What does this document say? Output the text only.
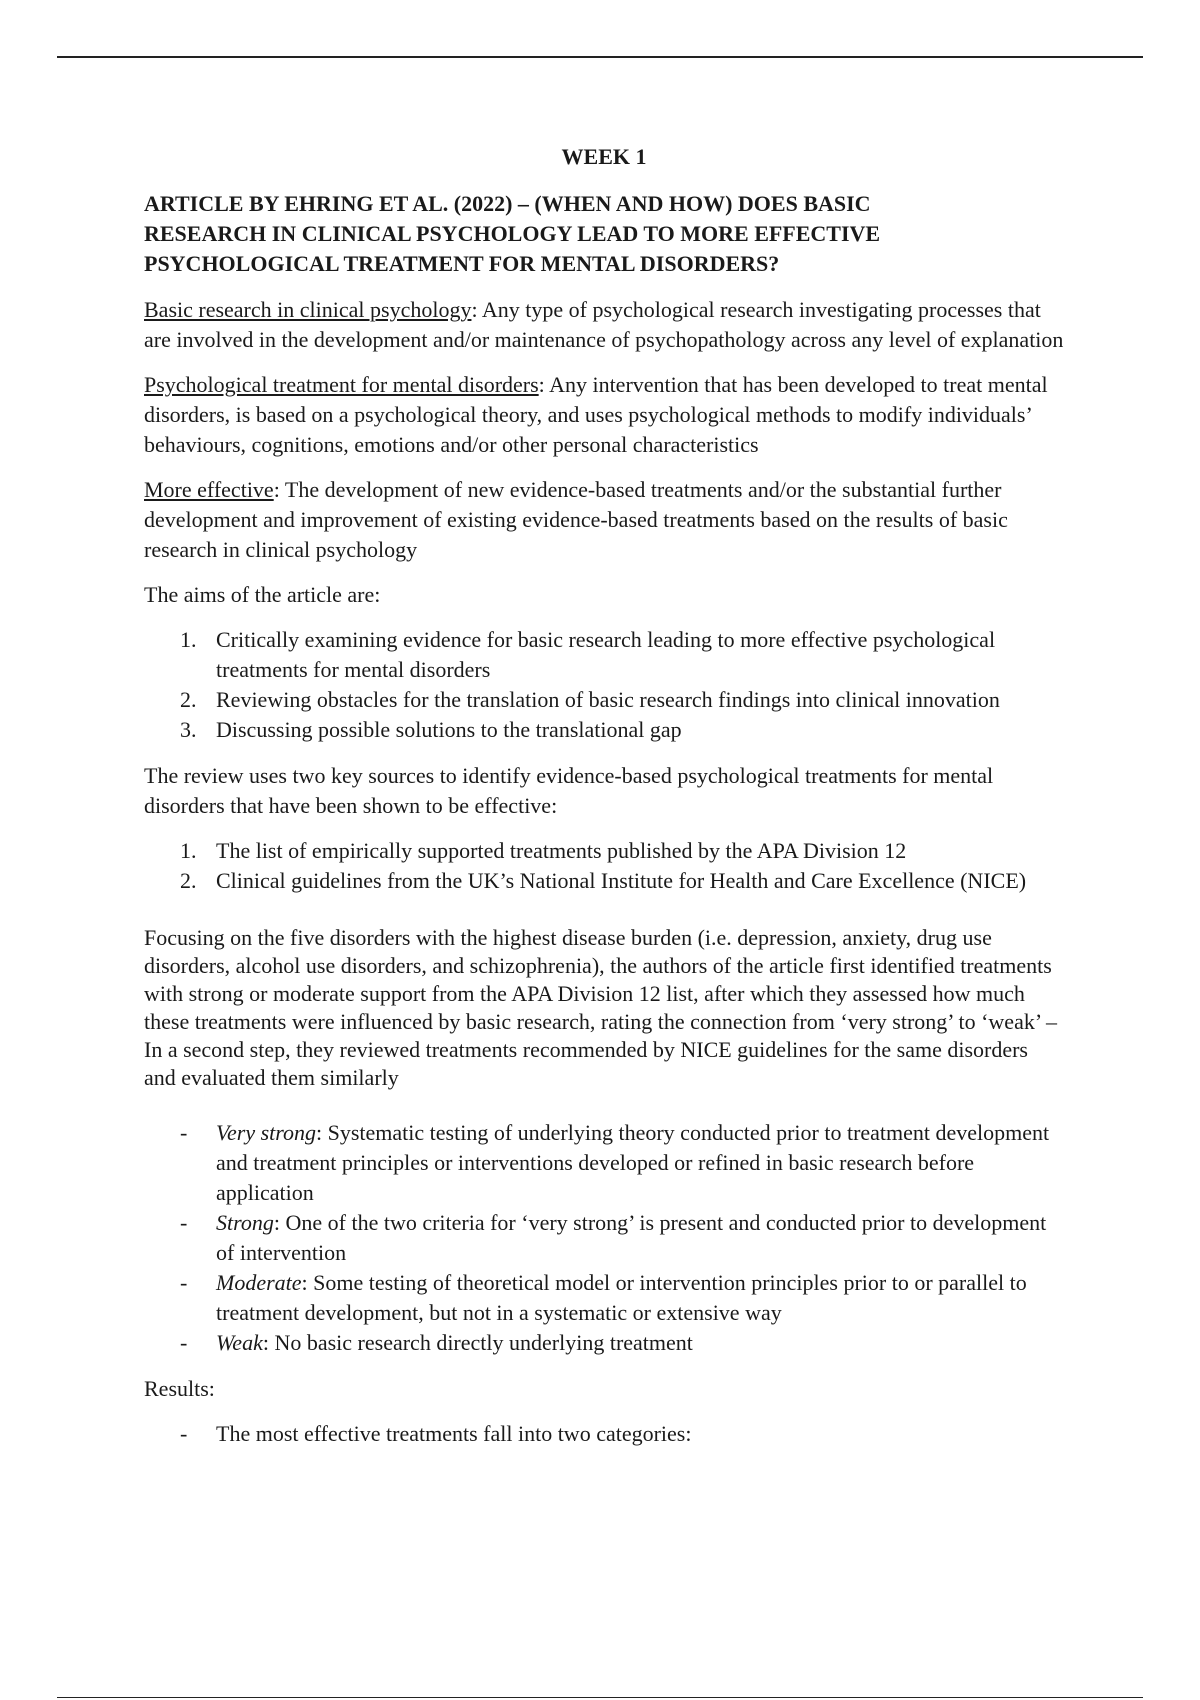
WEEK 1
ARTICLE BY EHRING ET AL. (2022) – (WHEN AND HOW) DOES BASIC RESEARCH IN CLINICAL PSYCHOLOGY LEAD TO MORE EFFECTIVE PSYCHOLOGICAL TREATMENT FOR MENTAL DISORDERS?

Basic research in clinical psychology: Any type of psychological research investigating processes that are involved in the development and/or maintenance of psychopathology across any level of explanation

Psychological treatment for mental disorders: Any intervention that has been developed to treat mental disorders, is based on a psychological theory, and uses psychological methods to modify individuals’ behaviours, cognitions, emotions and/or other personal characteristics

More effective: The development of new evidence-based treatments and/or the substantial further development and improvement of existing evidence-based treatments based on the results of basic research in clinical psychology

The aims of the article are:

1. Critically examining evidence for basic research leading to more effective psychological treatments for mental disorders
2. Reviewing obstacles for the translation of basic research findings into clinical innovation
3. Discussing possible solutions to the translational gap

The review uses two key sources to identify evidence-based psychological treatments for mental disorders that have been shown to be effective:

1. The list of empirically supported treatments published by the APA Division 12
2. Clinical guidelines from the UK’s National Institute for Health and Care Excellence (NICE)

Focusing on the five disorders with the highest disease burden (i.e. depression, anxiety, drug use disorders, alcohol use disorders, and schizophrenia), the authors of the article first identified treatments with strong or moderate support from the APA Division 12 list, after which they assessed how much these treatments were influenced by basic research, rating the connection from ‘very strong’ to ‘weak’ – In a second step, they reviewed treatments recommended by NICE guidelines for the same disorders and evaluated them similarly

- Very strong: Systematic testing of underlying theory conducted prior to treatment development and treatment principles or interventions developed or refined in basic research before application
- Strong: One of the two criteria for ‘very strong’ is present and conducted prior to development of intervention
- Moderate: Some testing of theoretical model or intervention principles prior to or parallel to treatment development, but not in a systematic or extensive way
- Weak: No basic research directly underlying treatment

Results:

- The most effective treatments fall into two categories:
